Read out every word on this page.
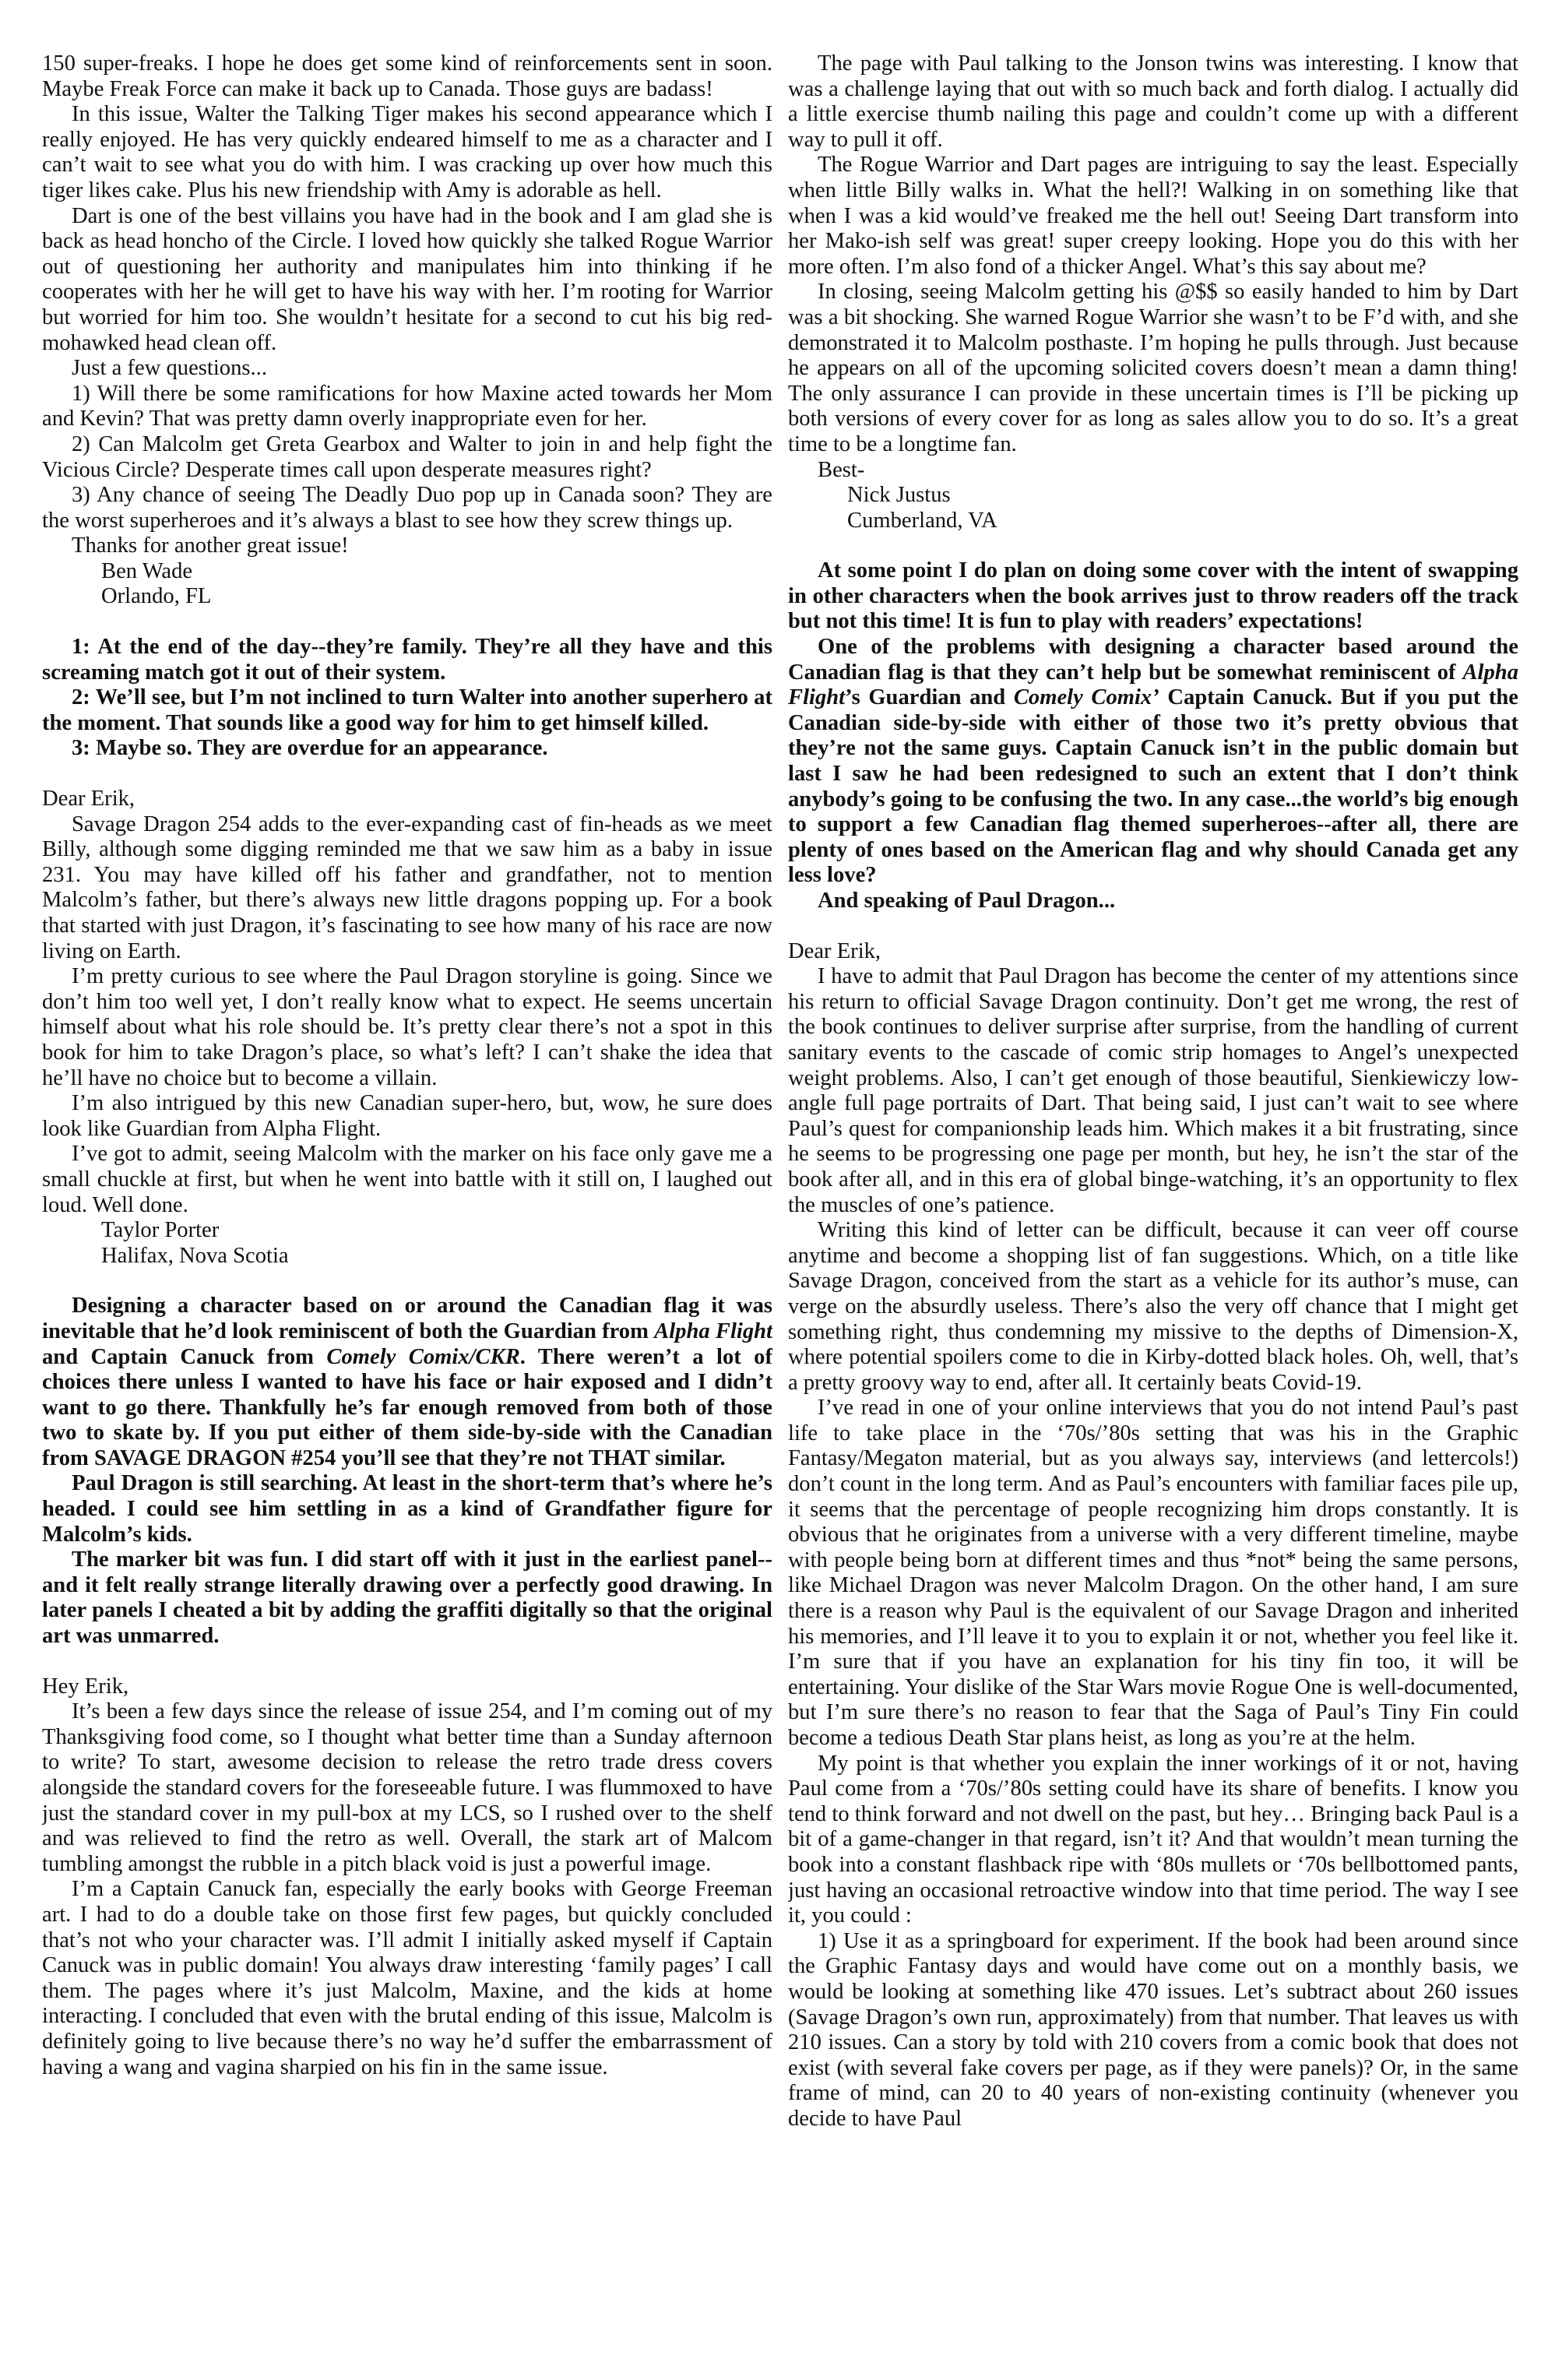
150 super-freaks. I hope he does get some kind of reinforcements sent in soon. Maybe Freak Force can make it back up to Canada. Those guys are badass!

In this issue, Walter the Talking Tiger makes his second appearance which I really enjoyed. He has very quickly endeared himself to me as a character and I can’t wait to see what you do with him. I was cracking up over how much this tiger likes cake. Plus his new friendship with Amy is adorable as hell.

Dart is one of the best villains you have had in the book and I am glad she is back as head honcho of the Circle. I loved how quickly she talked Rogue Warrior out of questioning her authority and manipulates him into thinking if he cooperates with her he will get to have his way with her. I’m rooting for Warrior but worried for him too. She wouldn’t hesitate for a second to cut his big red-mohawked head clean off.

Just a few questions...

1) Will there be some ramifications for how Maxine acted towards her Mom and Kevin? That was pretty damn overly inappropriate even for her.

2) Can Malcolm get Greta Gearbox and Walter to join in and help fight the Vicious Circle? Desperate times call upon desperate measures right?

3) Any chance of seeing The Deadly Duo pop up in Canada soon? They are the worst superheroes and it’s always a blast to see how they screw things up.

Thanks for another great issue!

Ben Wade

Orlando, FL

1: At the end of the day--they’re family. They’re all they have and this screaming match got it out of their system.

2: We’ll see, but I’m not inclined to turn Walter into another superhero at the moment. That sounds like a good way for him to get himself killed.

3: Maybe so. They are overdue for an appearance.

Dear Erik,

Savage Dragon 254 adds to the ever-expanding cast of fin-heads as we meet Billy, although some digging reminded me that we saw him as a baby in issue 231. You may have killed off his father and grandfather, not to mention Malcolm’s father, but there’s always new little dragons popping up. For a book that started with just Dragon, it’s fascinating to see how many of his race are now living on Earth.

I’m pretty curious to see where the Paul Dragon storyline is going. Since we don’t him too well yet, I don’t really know what to expect. He seems uncertain himself about what his role should be. It’s pretty clear there’s not a spot in this book for him to take Dragon’s place, so what’s left? I can’t shake the idea that he’ll have no choice but to become a villain.

I’m also intrigued by this new Canadian super-hero, but, wow, he sure does look like Guardian from Alpha Flight.

I’ve got to admit, seeing Malcolm with the marker on his face only gave me a small chuckle at first, but when he went into battle with it still on, I laughed out loud. Well done.

Taylor Porter

Halifax, Nova Scotia

Designing a character based on or around the Canadian flag it was inevitable that he’d look reminiscent of both the Guardian from Alpha Flight and Captain Canuck from Comely Comix/CKR. There weren’t a lot of choices there unless I wanted to have his face or hair exposed and I didn’t want to go there. Thankfully he’s far enough removed from both of those two to skate by. If you put either of them side-by-side with the Canadian from SAVAGE DRAGON #254 you’ll see that they’re not THAT similar.

Paul Dragon is still searching. At least in the short-term that’s where he’s headed. I could see him settling in as a kind of Grandfather figure for Malcolm’s kids.

The marker bit was fun. I did start off with it just in the earliest panel--and it felt really strange literally drawing over a perfectly good drawing. In later panels I cheated a bit by adding the graffiti digitally so that the original art was unmarred.

Hey Erik,

It’s been a few days since the release of issue 254, and I’m coming out of my Thanksgiving food come, so I thought what better time than a Sunday afternoon to write? To start, awesome decision to release the retro trade dress covers alongside the standard covers for the foreseeable future. I was flummoxed to have just the standard cover in my pull-box at my LCS, so I rushed over to the shelf and was relieved to find the retro as well. Overall, the stark art of Malcom tumbling amongst the rubble in a pitch black void is just a powerful image.

I’m a Captain Canuck fan, especially the early books with George Freeman art. I had to do a double take on those first few pages, but quickly concluded that’s not who your character was. I’ll admit I initially asked myself if Captain Canuck was in public domain! You always draw interesting ‘family pages’ I call them. The pages where it’s just Malcolm, Maxine, and the kids at home interacting. I concluded that even with the brutal ending of this issue, Malcolm is definitely going to live because there’s no way he’d suffer the embarrassment of having a wang and vagina sharpied on his fin in the same issue.

The page with Paul talking to the Jonson twins was interesting. I know that was a challenge laying that out with so much back and forth dialog. I actually did a little exercise thumb nailing this page and couldn’t come up with a different way to pull it off.

The Rogue Warrior and Dart pages are intriguing to say the least. Especially when little Billy walks in. What the hell?! Walking in on something like that when I was a kid would’ve freaked me the hell out! Seeing Dart transform into her Mako-ish self was great! super creepy looking. Hope you do this with her more often. I’m also fond of a thicker Angel. What’s this say about me?

In closing, seeing Malcolm getting his @$$ so easily handed to him by Dart was a bit shocking. She warned Rogue Warrior she wasn’t to be F’d with, and she demonstrated it to Malcolm posthaste. I’m hoping he pulls through. Just because he appears on all of the upcoming solicited covers doesn’t mean a damn thing! The only assurance I can provide in these uncertain times is I’ll be picking up both versions of every cover for as long as sales allow you to do so. It’s a great time to be a longtime fan.

Best-

Nick Justus

Cumberland, VA

At some point I do plan on doing some cover with the intent of swapping in other characters when the book arrives just to throw readers off the track but not this time! It is fun to play with readers’ expectations!

One of the problems with designing a character based around the Canadian flag is that they can’t help but be somewhat reminiscent of Alpha Flight’s Guardian and Comely Comix’ Captain Canuck. But if you put the Canadian side-by-side with either of those two it’s pretty obvious that they’re not the same guys. Captain Canuck isn’t in the public domain but last I saw he had been redesigned to such an extent that I don’t think anybody’s going to be confusing the two. In any case...the world’s big enough to support a few Canadian flag themed superheroes--after all, there are plenty of ones based on the American flag and why should Canada get any less love?

And speaking of Paul Dragon...

Dear Erik,

I have to admit that Paul Dragon has become the center of my attentions since his return to official Savage Dragon continuity. Don’t get me wrong, the rest of the book continues to deliver surprise after surprise, from the handling of current sanitary events to the cascade of comic strip homages to Angel’s unexpected weight problems. Also, I can’t get enough of those beautiful, Sienkiewiczy low-angle full page portraits of Dart. That being said, I just can’t wait to see where Paul’s quest for companionship leads him. Which makes it a bit frustrating, since he seems to be progressing one page per month, but hey, he isn’t the star of the book after all, and in this era of global binge-watching, it’s an opportunity to flex the muscles of one’s patience.

Writing this kind of letter can be difficult, because it can veer off course anytime and become a shopping list of fan suggestions. Which, on a title like Savage Dragon, conceived from the start as a vehicle for its author’s muse, can verge on the absurdly useless. There’s also the very off chance that I might get something right, thus condemning my missive to the depths of Dimension-X, where potential spoilers come to die in Kirby-dotted black holes. Oh, well, that’s a pretty groovy way to end, after all. It certainly beats Covid-19.

I’ve read in one of your online interviews that you do not intend Paul’s past life to take place in the ‘70s/’80s setting that was his in the Graphic Fantasy/Megaton material, but as you always say, interviews (and lettercols!) don’t count in the long term. And as Paul’s encounters with familiar faces pile up, it seems that the percentage of people recognizing him drops constantly. It is obvious that he originates from a universe with a very different timeline, maybe with people being born at different times and thus *not* being the same persons, like Michael Dragon was never Malcolm Dragon. On the other hand, I am sure there is a reason why Paul is the equivalent of our Savage Dragon and inherited his memories, and I’ll leave it to you to explain it or not, whether you feel like it. I’m sure that if you have an explanation for his tiny fin too, it will be entertaining. Your dislike of the Star Wars movie Rogue One is well-documented, but I’m sure there’s no reason to fear that the Saga of Paul’s Tiny Fin could become a tedious Death Star plans heist, as long as you’re at the helm.

My point is that whether you explain the inner workings of it or not, having Paul come from a ‘70s/’80s setting could have its share of benefits. I know you tend to think forward and not dwell on the past, but hey… Bringing back Paul is a bit of a game-changer in that regard, isn’t it? And that wouldn’t mean turning the book into a constant flashback ripe with ‘80s mullets or ‘70s bellbottomed pants, just having an occasional retroactive window into that time period. The way I see it, you could :

1) Use it as a springboard for experiment. If the book had been around since the Graphic Fantasy days and would have come out on a monthly basis, we would be looking at something like 470 issues. Let’s subtract about 260 issues (Savage Dragon’s own run, approximately) from that number. That leaves us with 210 issues. Can a story by told with 210 covers from a comic book that does not exist (with several fake covers per page, as if they were panels)? Or, in the same frame of mind, can 20 to 40 years of non-existing continuity (whenever you decide to have Paul
